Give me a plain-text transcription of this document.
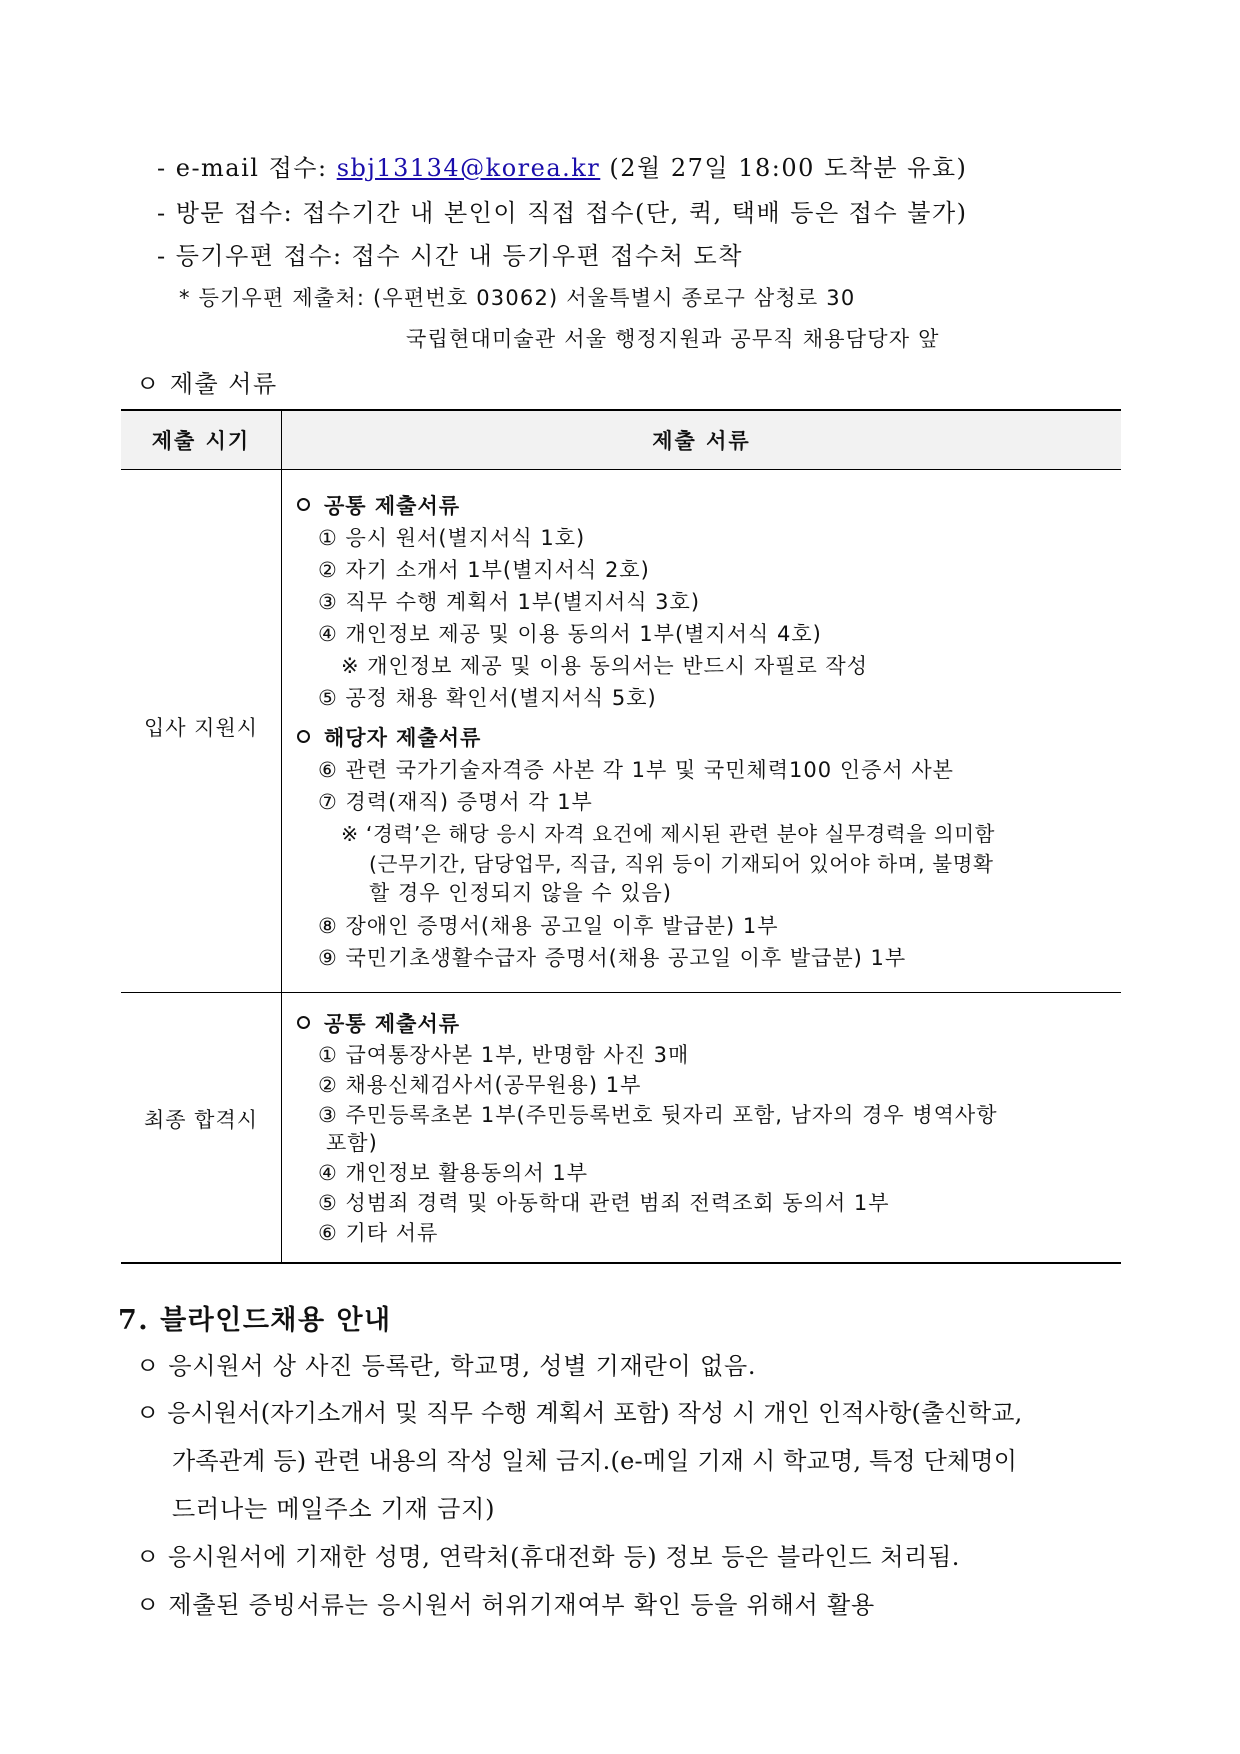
- e-mail 접수: sbj13134@korea.kr (2월 27일 18:00 도착분 유효)
- 방문 접수: 접수기간 내 본인이 직접 접수(단, 퀵, 택배 등은 접수 불가)
- 등기우편 접수: 접수 시간 내 등기우편 접수처 도착
* 등기우편 제출처: (우편번호 03062) 서울특별시 종로구 삼청로 30
국립현대미술관 서울 행정지원과 공무직 채용담당자 앞
ㅇ 제출 서류
제출 시기	제출 서류
입사 지원시
공통 제출서류
① 응시 원서(별지서식 1호)
② 자기 소개서 1부(별지서식 2호)
③ 직무 수행 계획서 1부(별지서식 3호)
④ 개인정보 제공 및 이용 동의서 1부(별지서식 4호)
※ 개인정보 제공 및 이용 동의서는 반드시 자필로 작성
⑤ 공정 채용 확인서(별지서식 5호)
해당자 제출서류
⑥ 관련 국가기술자격증 사본 각 1부 및 국민체력100 인증서 사본
⑦ 경력(재직) 증명서 각 1부
※ ‘경력’은 해당 응시 자격 요건에 제시된 관련 분야 실무경력을 의미함
(근무기간, 담당업무, 직급, 직위 등이 기재되어 있어야 하며, 불명확
할 경우 인정되지 않을 수 있음)
⑧ 장애인 증명서(채용 공고일 이후 발급분) 1부
⑨ 국민기초생활수급자 증명서(채용 공고일 이후 발급분) 1부
최종 합격시
공통 제출서류
① 급여통장사본 1부, 반명함 사진 3매
② 채용신체검사서(공무원용) 1부
③ 주민등록초본 1부(주민등록번호 뒷자리 포함, 남자의 경우 병역사항
포함)
④ 개인정보 활용동의서 1부
⑤ 성범죄 경력 및 아동학대 관련 범죄 전력조회 동의서 1부
⑥ 기타 서류
7. 블라인드채용 안내
ㅇ 응시원서 상 사진 등록란, 학교명, 성별 기재란이 없음.
ㅇ 응시원서(자기소개서 및 직무 수행 계획서 포함) 작성 시 개인 인적사항(출신학교,
가족관계 등) 관련 내용의 작성 일체 금지.(e-메일 기재 시 학교명, 특정 단체명이
드러나는 메일주소 기재 금지)
ㅇ 응시원서에 기재한 성명, 연락처(휴대전화 등) 정보 등은 블라인드 처리됨.
ㅇ 제출된 증빙서류는 응시원서 허위기재여부 확인 등을 위해서 활용
